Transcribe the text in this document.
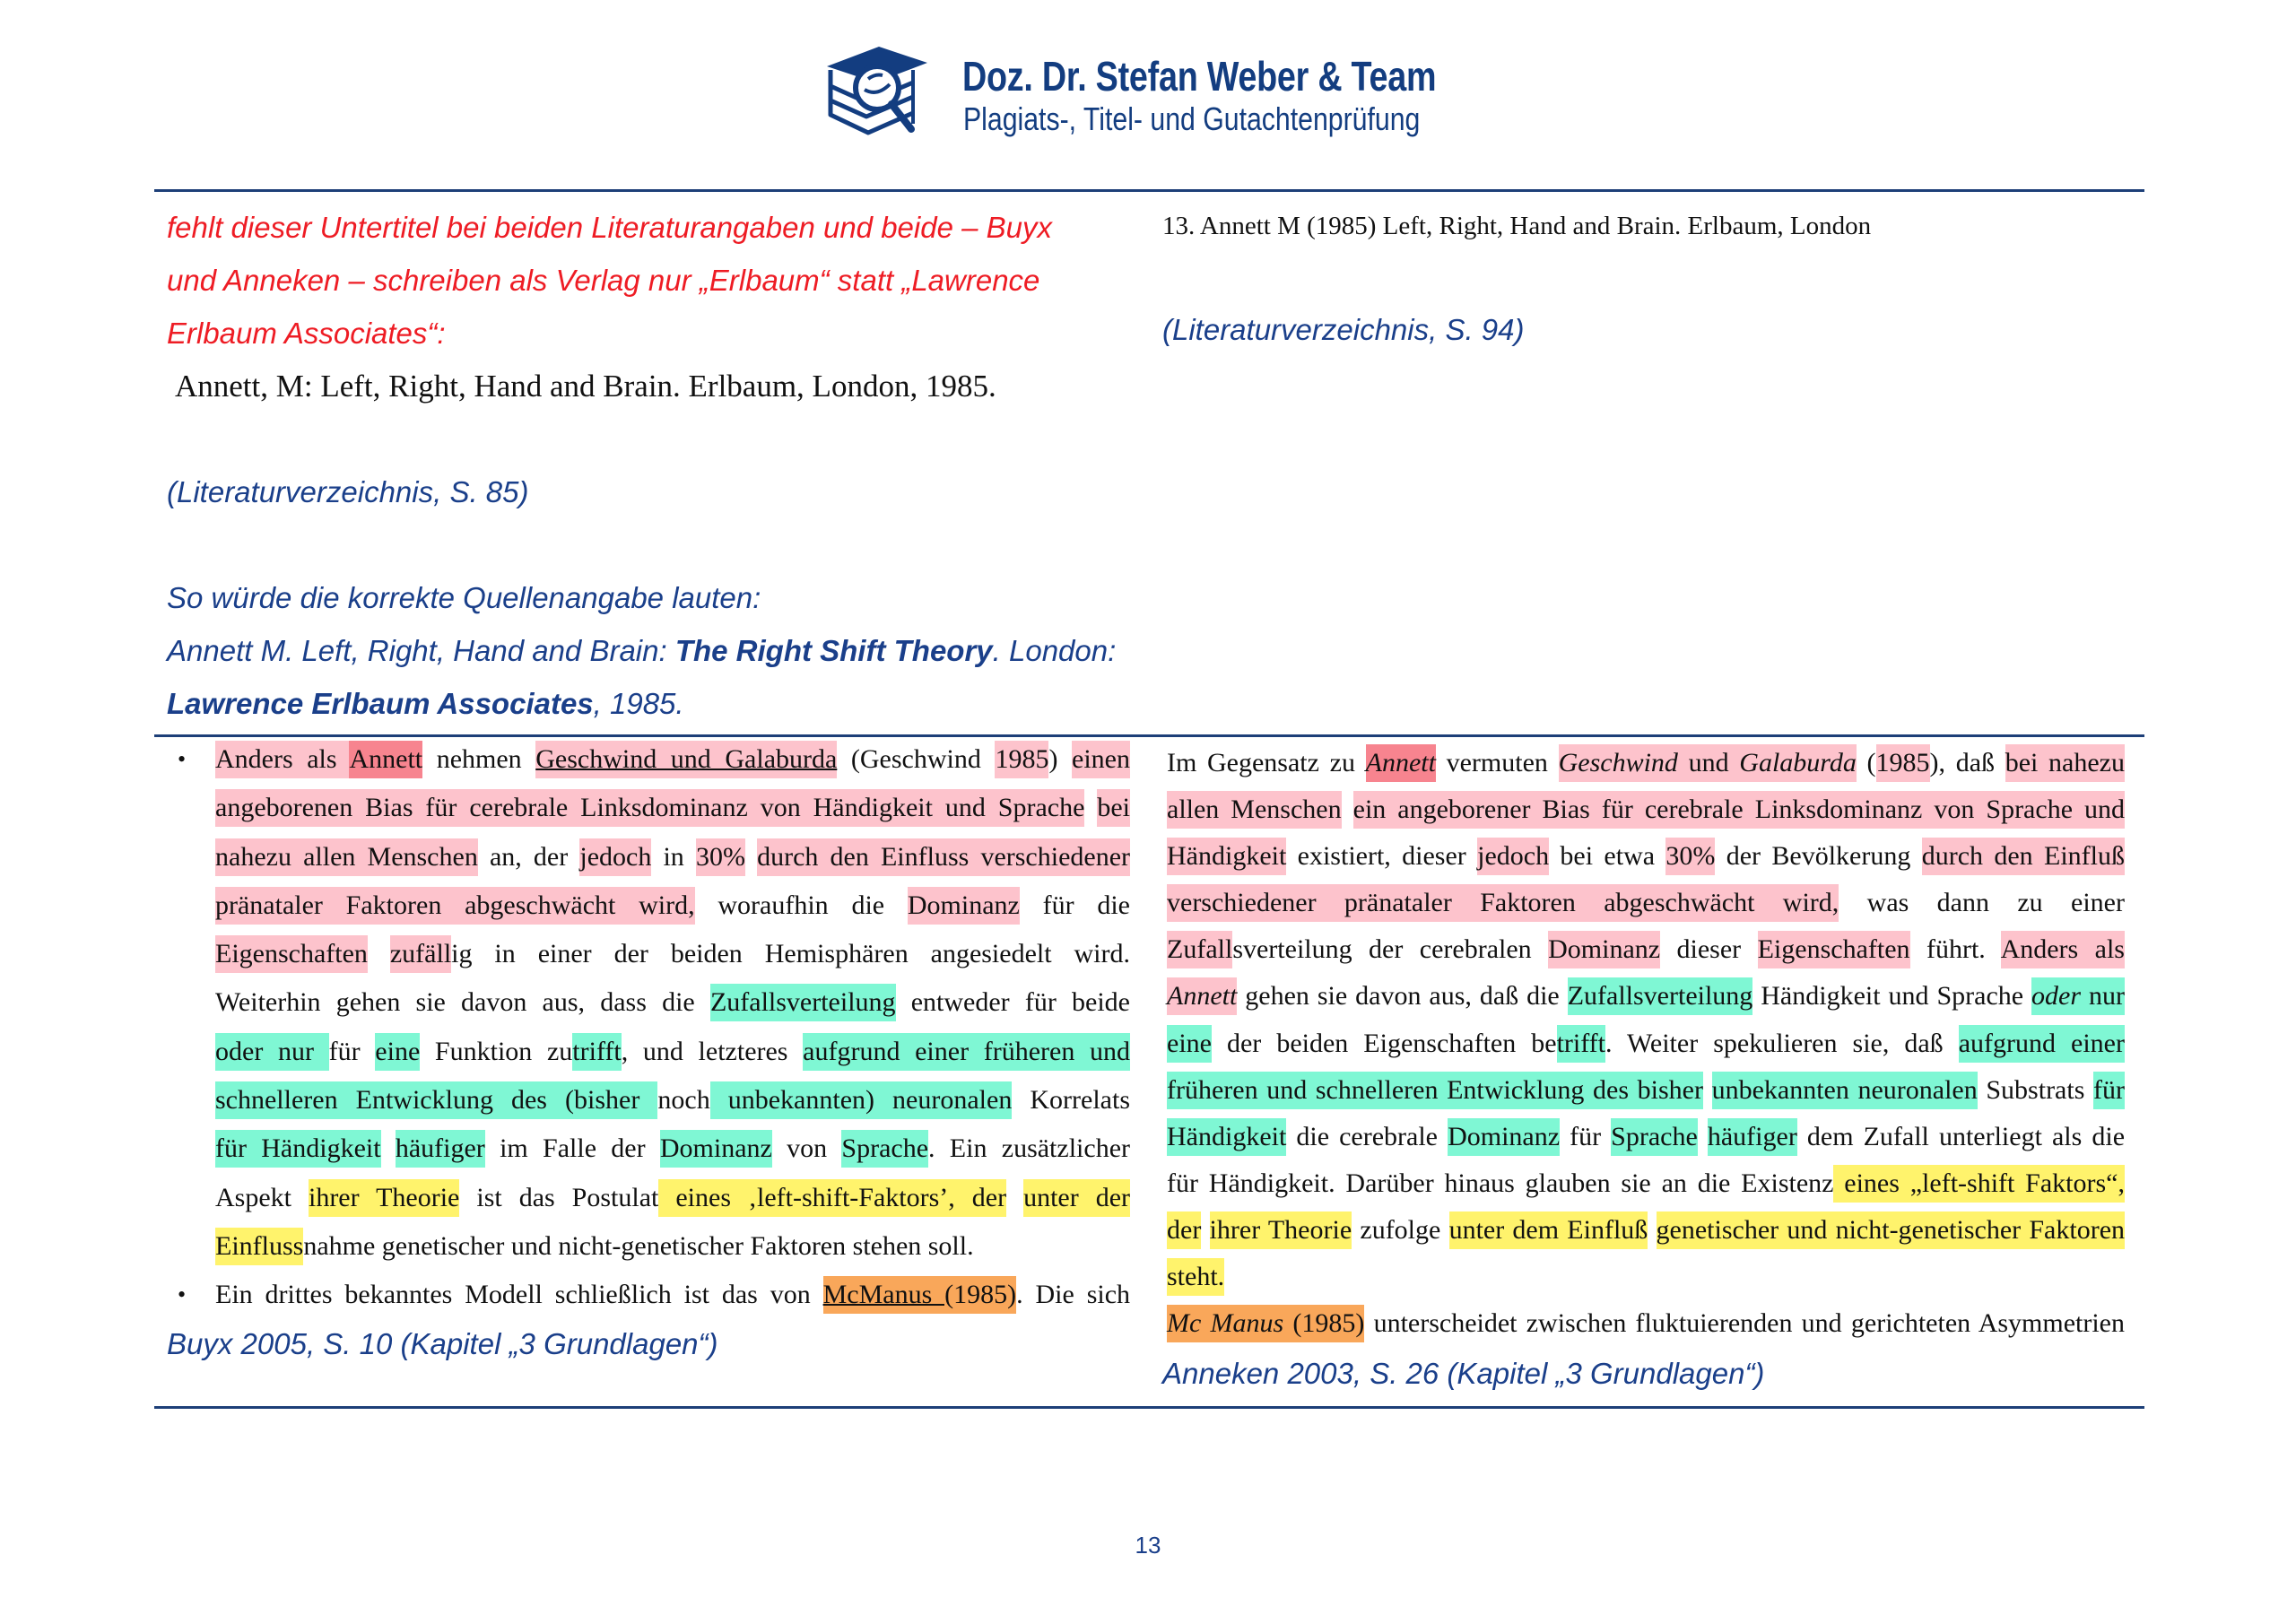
Doz. Dr. Stefan Weber & Team
Plagiats-, Titel- und Gutachtenprüfung
fehlt dieser Untertitel bei beiden Literaturangaben und beide – Buyx
und Anneken – schreiben als Verlag nur „Erlbaum“ statt „Lawrence
Erlbaum Associates“:
Annett, M: Left, Right, Hand and Brain. Erlbaum, London, 1985.
(Literaturverzeichnis, S. 85)
So würde die korrekte Quellenangabe lauten:
Annett M. Left, Right, Hand and Brain: The Right Shift Theory. London:
Lawrence Erlbaum Associates, 1985.
13. Annett M (1985) Left, Right, Hand and Brain. Erlbaum, London
(Literaturverzeichnis, S. 94)
• Anders als Annett nehmen Geschwind und Galaburda (Geschwind 1985) einen
angeborenen Bias für cerebrale Linksdominanz von Händigkeit und Sprache bei
nahezu allen Menschen an, der jedoch in 30% durch den Einfluss verschiedener
pränataler Faktoren abgeschwächt wird, woraufhin die Dominanz für die
Eigenschaften zufällig in einer der beiden Hemisphären angesiedelt wird.
Weiterhin gehen sie davon aus, dass die Zufallsverteilung entweder für beide
oder nur für eine Funktion zutrifft, und letzteres aufgrund einer früheren und
schnelleren Entwicklung des (bisher noch unbekannten) neuronalen Korrelats
für Händigkeit häufiger im Falle der Dominanz von Sprache. Ein zusätzlicher
Aspekt ihrer Theorie ist das Postulat eines ‚left-shift-Faktors’, der unter der
Einflussnahme genetischer und nicht-genetischer Faktoren stehen soll.
• Ein drittes bekanntes Modell schließlich ist das von McManus (1985). Die sich
Buyx 2005, S. 10 (Kapitel „3 Grundlagen“)
Im Gegensatz zu Annett vermuten Geschwind und Galaburda (1985), daß bei nahezu
allen Menschen ein angeborener Bias für cerebrale Linksdominanz von Sprache und
Händigkeit existiert, dieser jedoch bei etwa 30% der Bevölkerung durch den Einfluß
verschiedener pränataler Faktoren abgeschwächt wird, was dann zu einer
Zufallsverteilung der cerebralen Dominanz dieser Eigenschaften führt. Anders als
Annett gehen sie davon aus, daß die Zufallsverteilung Händigkeit und Sprache oder nur
eine der beiden Eigenschaften betrifft. Weiter spekulieren sie, daß aufgrund einer
früheren und schnelleren Entwicklung des bisher unbekannten neuronalen Substrats für
Händigkeit die cerebrale Dominanz für Sprache häufiger dem Zufall unterliegt als die
für Händigkeit. Darüber hinaus glauben sie an die Existenz eines „left-shift Faktors“,
der ihrer Theorie zufolge unter dem Einfluß genetischer und nicht-genetischer Faktoren
steht.
Mc Manus (1985) unterscheidet zwischen fluktuierenden und gerichteten Asymmetrien
Anneken 2003, S. 26 (Kapitel „3 Grundlagen“)
13
